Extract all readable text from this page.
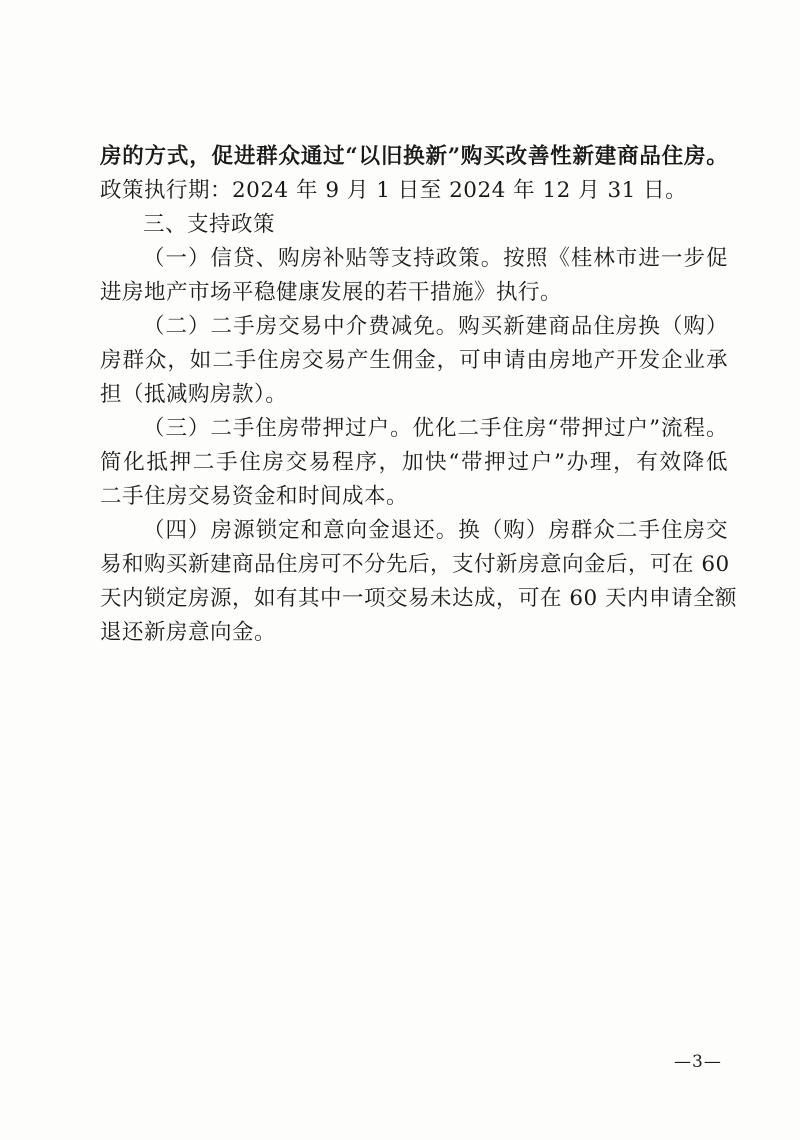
房的方式，促进群众通过“以旧换新”购买改善性新建商品住房。
政策执行期：2024 年 9 月 1 日至 2024 年 12 月 31 日。
三、支持政策
（一）信贷、购房补贴等支持政策。按照《桂林市进一步促
进房地产市场平稳健康发展的若干措施》执行。
（二）二手房交易中介费减免。购买新建商品住房换（购）
房群众，如二手住房交易产生佣金，可申请由房地产开发企业承
担（抵减购房款）。
（三）二手住房带押过户。优化二手住房“带押过户”流程。
简化抵押二手住房交易程序，加快“带押过户”办理，有效降低
二手住房交易资金和时间成本。
（四）房源锁定和意向金退还。换（购）房群众二手住房交
易和购买新建商品住房可不分先后，支付新房意向金后，可在 60
天内锁定房源，如有其中一项交易未达成，可在 60 天内申请全额
退还新房意向金。
—3—
